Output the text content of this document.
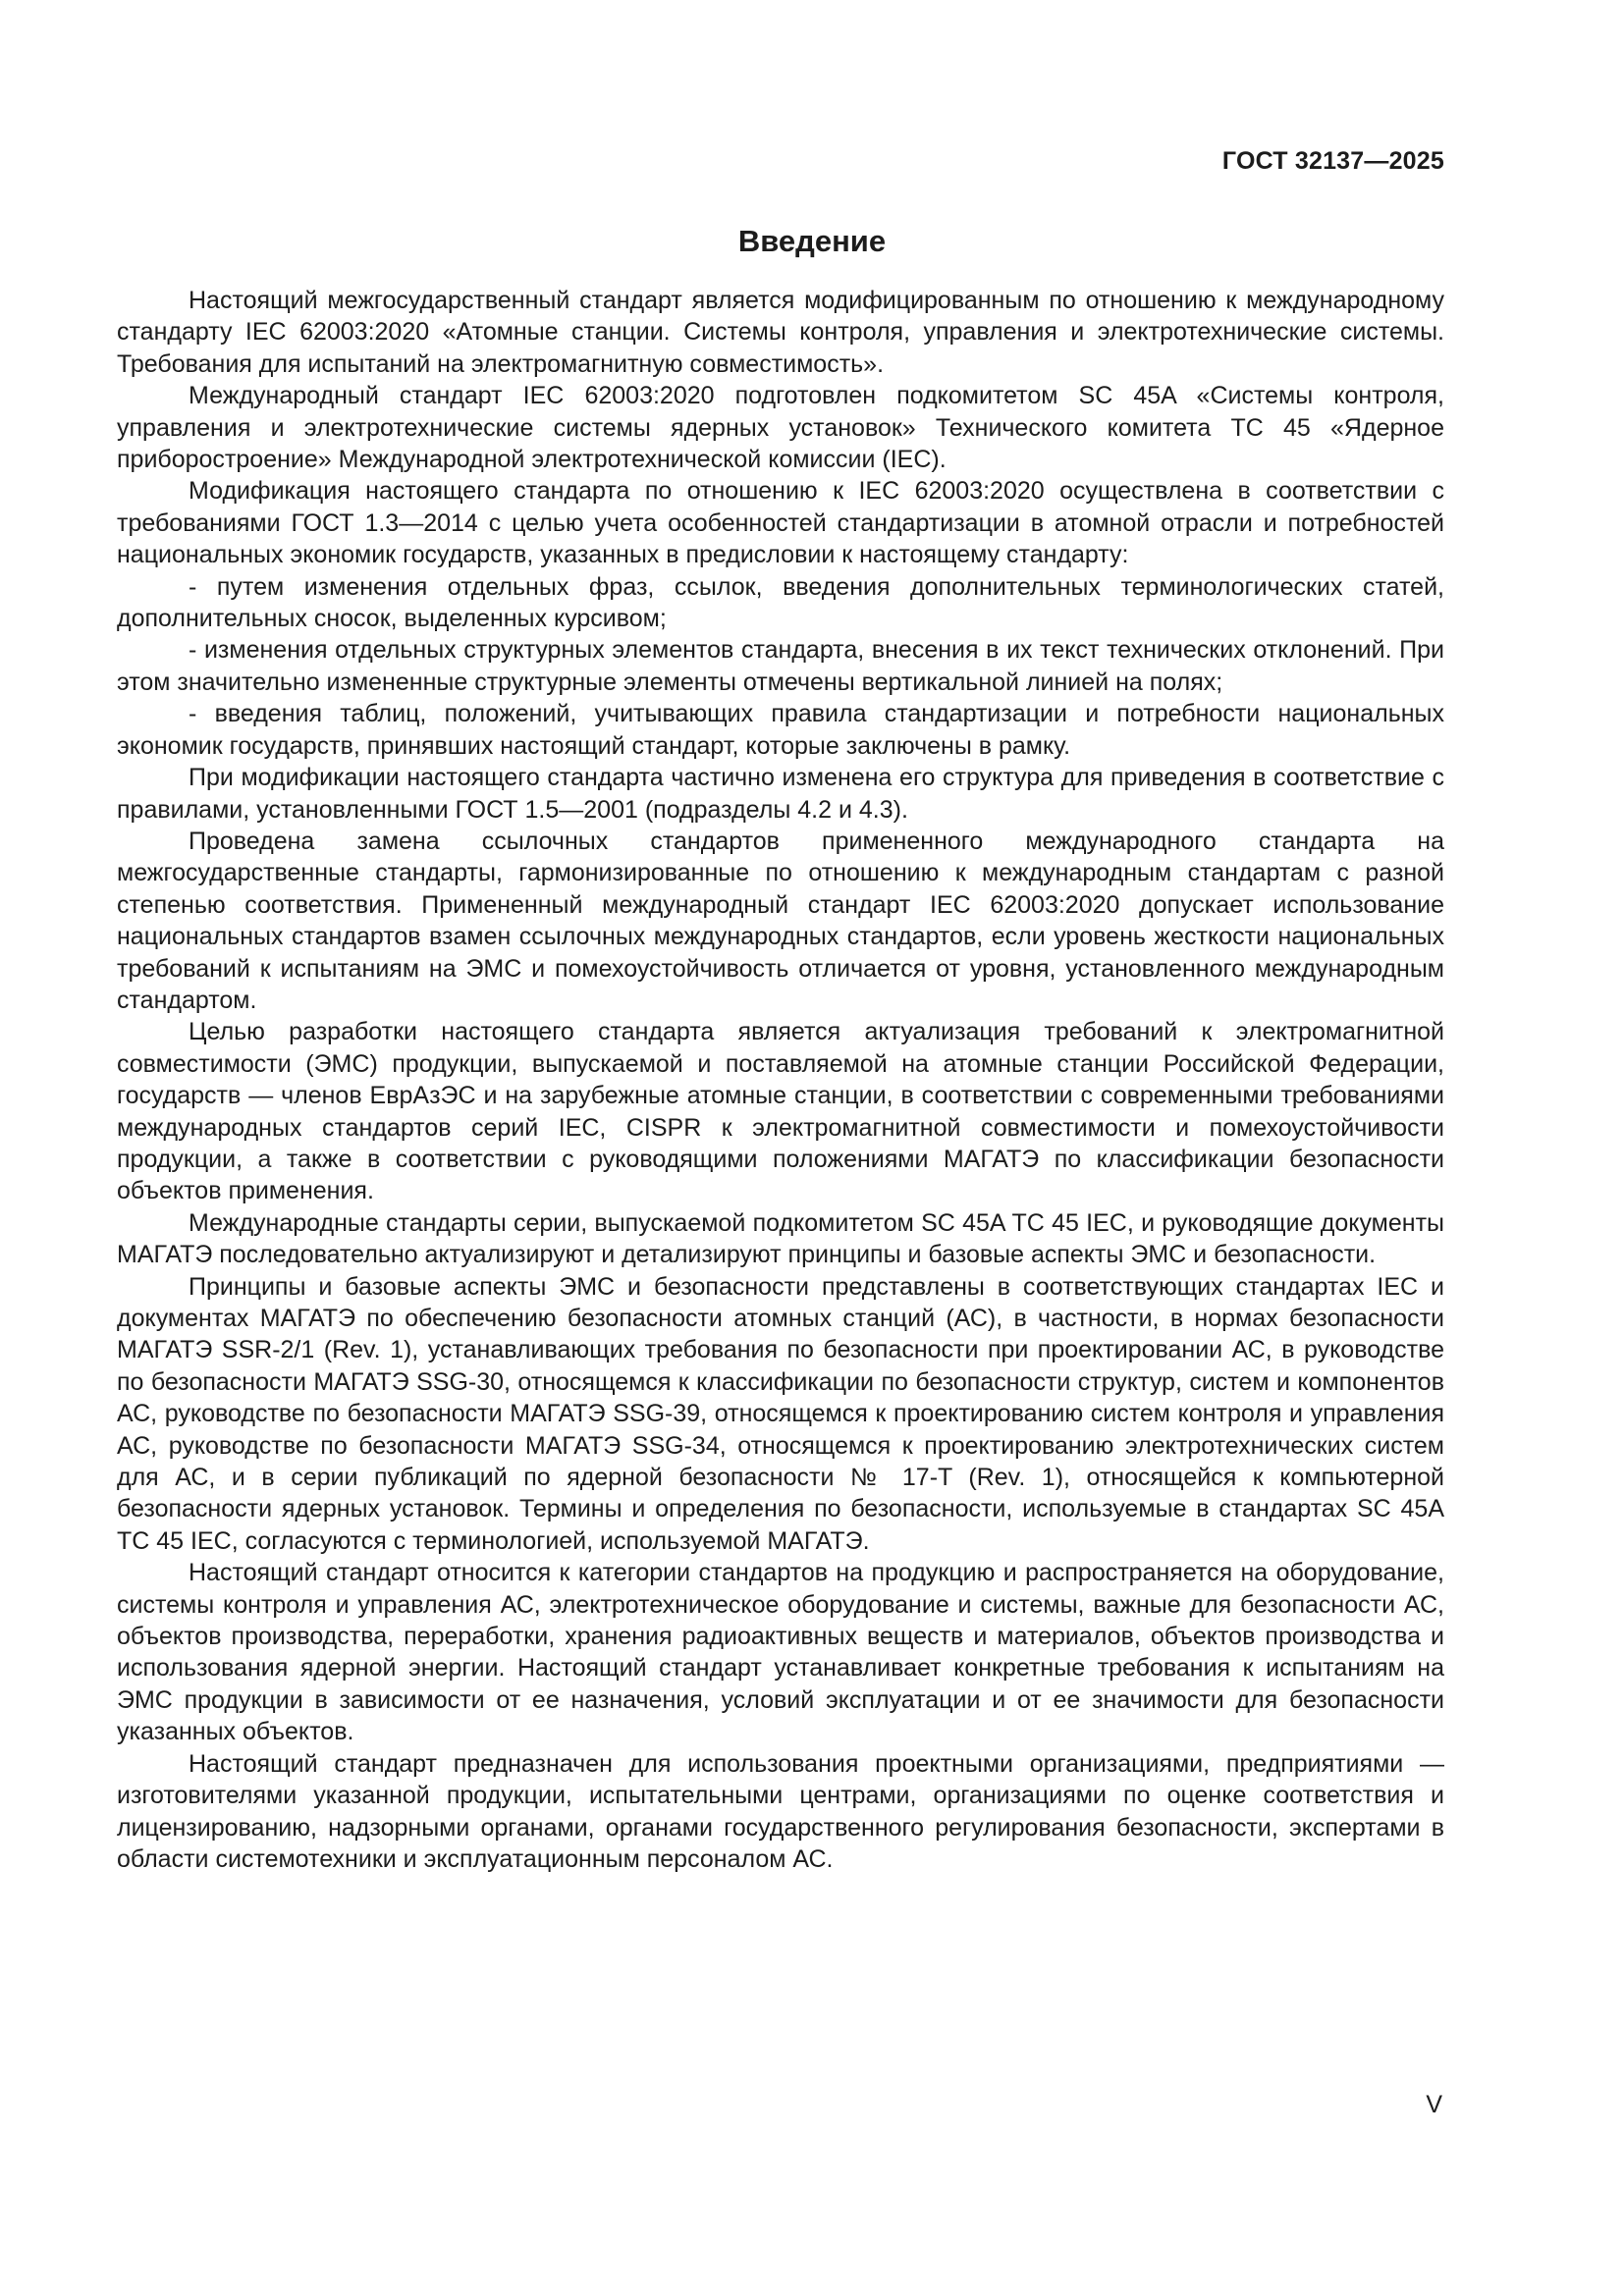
ГОСТ 32137—2025
Введение

Настоящий межгосударственный стандарт является модифицированным по отношению к международному стандарту IEC 62003:2020 «Атомные станции. Системы контроля, управления и электротехнические системы. Требования для испытаний на электромагнитную совместимость».

Международный стандарт IEC 62003:2020 подготовлен подкомитетом SC 45A «Системы контроля, управления и электротехнические системы ядерных установок» Технического комитета ТС 45 «Ядерное приборостроение» Международной электротехнической комиссии (IEC).

Модификация настоящего стандарта по отношению к IEC 62003:2020 осуществлена в соответствии с требованиями ГОСТ 1.3—2014 с целью учета особенностей стандартизации в атомной отрасли и потребностей национальных экономик государств, указанных в предисловии к настоящему стандарту:

- путем изменения отдельных фраз, ссылок, введения дополнительных терминологических статей, дополнительных сносок, выделенных курсивом;

- изменения отдельных структурных элементов стандарта, внесения в их текст технических отклонений. При этом значительно измененные структурные элементы отмечены вертикальной линией на полях;

- введения таблиц, положений, учитывающих правила стандартизации и потребности национальных экономик государств, принявших настоящий стандарт, которые заключены в рамку.

При модификации настоящего стандарта частично изменена его структура для приведения в соответствие с правилами, установленными ГОСТ 1.5—2001 (подразделы 4.2 и 4.3).

Проведена замена ссылочных стандартов примененного международного стандарта на межгосударственные стандарты, гармонизированные по отношению к международным стандартам с разной степенью соответствия. Примененный международный стандарт IEC 62003:2020 допускает использование национальных стандартов взамен ссылочных международных стандартов, если уровень жесткости национальных требований к испытаниям на ЭМС и помехоустойчивость отличается от уровня, установленного международным стандартом.

Целью разработки настоящего стандарта является актуализация требований к электромагнитной совместимости (ЭМС) продукции, выпускаемой и поставляемой на атомные станции Российской Федерации, государств — членов ЕврАзЭС и на зарубежные атомные станции, в соответствии с современными требованиями международных стандартов серий IEC, CISPR к электромагнитной совместимости и помехоустойчивости продукции, а также в соответствии с руководящими положениями МАГАТЭ по классификации безопасности объектов применения.

Международные стандарты серии, выпускаемой подкомитетом SC 45A ТС 45 IEC, и руководящие документы МАГАТЭ последовательно актуализируют и детализируют принципы и базовые аспекты ЭМС и безопасности.

Принципы и базовые аспекты ЭМС и безопасности представлены в соответствующих стандартах IEC и документах МАГАТЭ по обеспечению безопасности атомных станций (АС), в частности, в нормах безопасности МАГАТЭ SSR-2/1 (Rev. 1), устанавливающих требования по безопасности при проектировании АС, в руководстве по безопасности МАГАТЭ SSG-30, относящемся к классификации по безопасности структур, систем и компонентов АС, руководстве по безопасности МАГАТЭ SSG-39, относящемся к проектированию систем контроля и управления АС, руководстве по безопасности МАГАТЭ SSG-34, относящемся к проектированию электротехнических систем для АС, и в серии публикаций по ядерной безопасности № 17-T (Rev. 1), относящейся к компьютерной безопасности ядерных установок. Термины и определения по безопасности, используемые в стандартах SC 45A ТС 45 IEC, согласуются с терминологией, используемой МАГАТЭ.

Настоящий стандарт относится к категории стандартов на продукцию и распространяется на оборудование, системы контроля и управления АС, электротехническое оборудование и системы, важные для безопасности АС, объектов производства, переработки, хранения радиоактивных веществ и материалов, объектов производства и использования ядерной энергии. Настоящий стандарт устанавливает конкретные требования к испытаниям на ЭМС продукции в зависимости от ее назначения, условий эксплуатации и от ее значимости для безопасности указанных объектов.

Настоящий стандарт предназначен для использования проектными организациями, предприятиями — изготовителями указанной продукции, испытательными центрами, организациями по оценке соответствия и лицензированию, надзорными органами, органами государственного регулирования безопасности, экспертами в области системотехники и эксплуатационным персоналом АС.

V
